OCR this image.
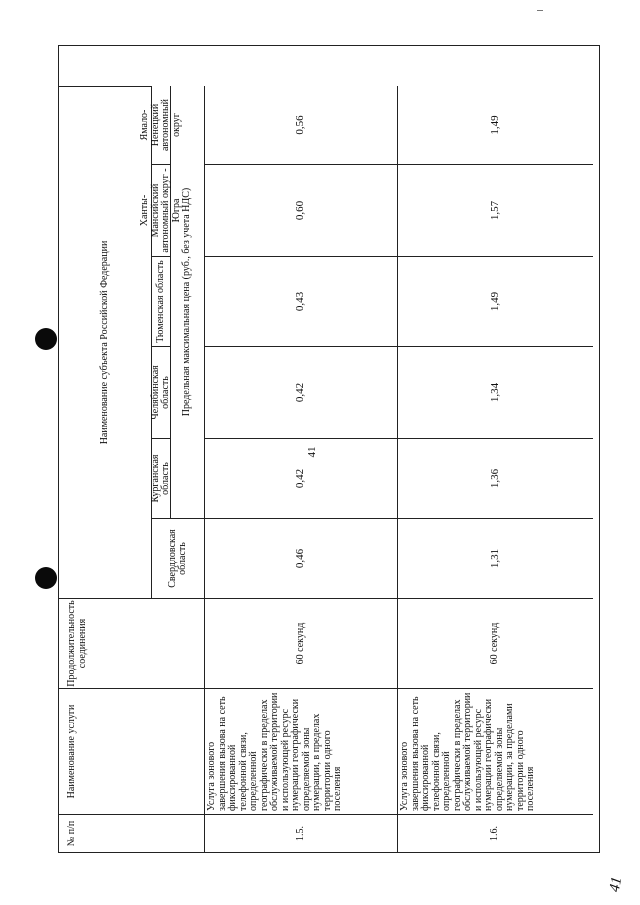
41
№ п/п
Наименование услуги
Продолжительность соединения
Наименование субъекта Российской Федерации
Свердловская область
Курганская область
Челябинская область
Тюменская область
Ханты-Мансийский автономный округ - Югра
Ямало-Ненецкий автономный округ
Предельная максимальная цена (руб., без учета НДС)
1.5.
Услуга зонового завершения вызова на сеть фиксированной телефонной связи, определенной географически в пределах обслуживаемой территории и использующей ресурс нумерации географически определяемой зоны нумерации, в пределах территории одного поселения
60 секунд
0,46
0,42
0,42
0,43
0,60
0,56
1.6.
Услуга зонового завершения вызова на сеть фиксированной телефонной связи, определенной географически в пределах обслуживаемой территории и использующей ресурс нумерации географически определяемой зоны нумерации, за пределами территории одного поселения
60 секунд
1,31
1,36
1,34
1,49
1,57
1,49
41
